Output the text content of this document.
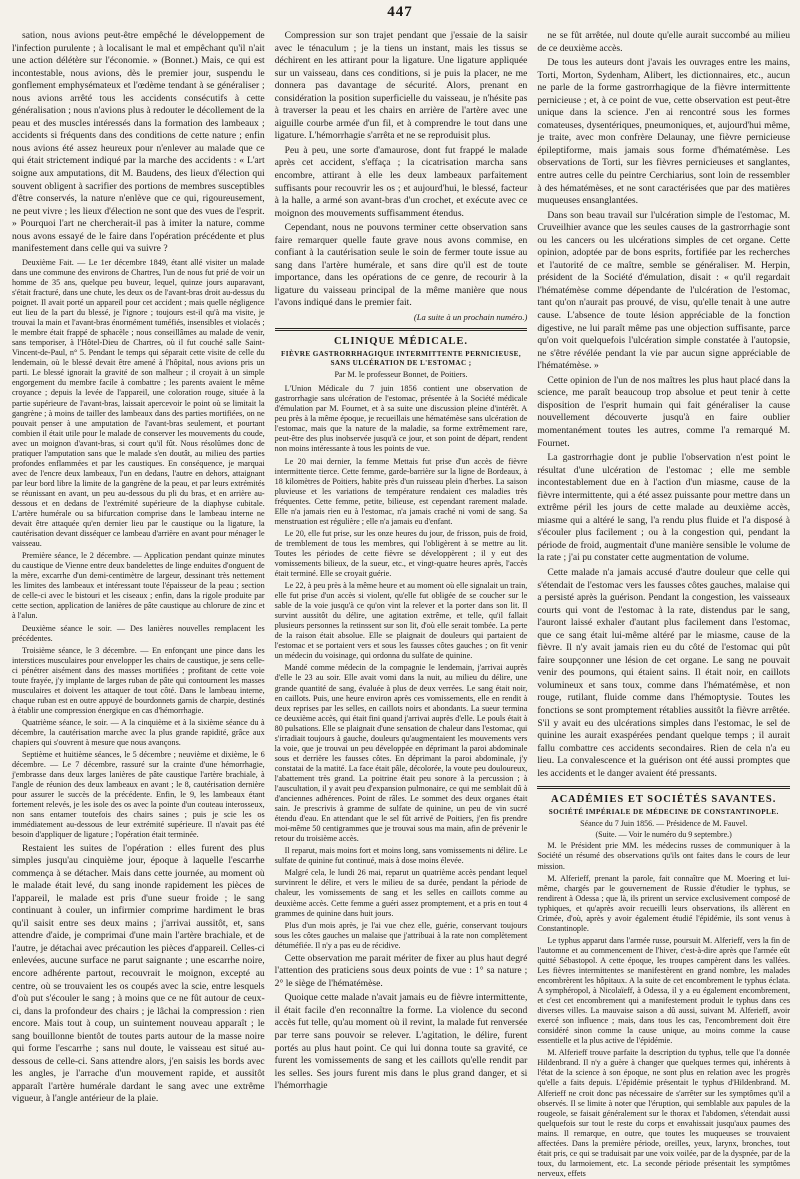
447

sation, nous avions peut-être empêché le développement de l'infection purulente ; à localisant le mal et empêchant qu'il n'ait une action délétère sur l'économie. » (Bonnet.) Mais, ce qui est incontestable, nous avions, dès le premier jour, suspendu le gonflement emphysémateux et l'œdème tendant à se généraliser ; nous avions arrêté tous les accidents consécutifs à cette généralisation ; nous n'avions plus à redouter le décollement de la peau et des muscles intéressés dans la formation des lambeaux ; accidents si fréquents dans des conditions de cette nature ; enfin nous avions été assez heureux pour n'enlever au malade que ce qui était strictement indiqué par la marche des accidents : « L'art soigne aux amputations, dit M. Baudens, des lieux d'élection qui souvent obligent à sacrifier des portions de membres susceptibles d'être conservés, la nature n'enlève que ce qui, rigoureusement, ne peut vivre ; les lieux d'élection ne sont que des vues de l'esprit. » Pourquoi l'art ne chercherait-il pas à imiter la nature, comme nous avons essayé de le faire dans l'opération précédente et plus manifestement dans celle qui va suivre ?

Deuxième Fait. — Le 1er décembre 1849, étant allé visiter un malade dans une commune des environs de Chartres, l'un de nous fut prié de voir un homme de 35 ans, quelque peu buveur, lequel, quinze jours auparavant, s'était fracturé, dans une chute, les deux os de l'avant-bras droit au-dessus du poignet. Il avait porté un appareil pour cet accident ; mais quelle négligence eut lieu de la part du blessé, je l'ignore ; toujours est-il qu'à ma visite, je trouvai la main et l'avant-bras énormément tuméfiés, insensibles et violacés ; le membre était frappé de sphacèle ; nous conseillâmes au malade de venir, sans temporiser, à l'Hôtel-Dieu de Chartres, où il fut couché salle Saint-Vincent-de-Paul, n° 5. Pendant le temps qui séparait cette visite de celle du lendemain, où le blessé devait être amené à l'hôpital, nous avions pris un parti. Le blessé ignorait la gravité de son malheur ; il croyait à un simple engorgement du membre facile à combattre ; les parents avaient le même croyance ; depuis la levée de l'appareil, une coloration rouge, située à la partie supérieure de l'avant-bras, laissait apercevoir le point où se limitait la gangrène ; à moins de tailler des lambeaux dans des parties mortifiées, on ne pouvait penser à une amputation de l'avant-bras seulement, et pourtant combien il était utile pour le malade de conserver les mouvements du coude, avec un moignon d'avant-bras, si court qu'il fût. Nous résolûmes donc de pratiquer l'amputation sans que le malade s'en doutât, au milieu des parties profondes enflammées et par les caustiques. En conséquence, je marquai avec de l'encre deux lambeaux, l'un en dedans, l'autre en dehors, attaignant par leur bord libre la limite de la gangrène de la peau, et par leurs extrémités se réunissant en avant, un peu au-dessous du pli du bras, et en arrière au-dessous et en dedans de l'extrémité supérieure de la diaphyse cubitale. L'artère humérale ou sa bifurcation comprise dans le lambeau interne ne devait être attaquée qu'en dernier lieu par le caustique ou la ligature, la cautérisation devant disséquer ce lambeau d'arrière en avant pour ménager le vaisseau.

Première séance, le 2 décembre. — Application pendant quinze minutes du caustique de Vienne entre deux bandelettes de linge enduites d'onguent de la mère, excarrhe d'un demi-centimètre de largeur, dessinant très nettement les limites des lambeaux et intéressant toute l'épaisseur de la peau ; section de celle-ci avec le bistouri et les ciseaux ; enfin, dans la rigole produite par cette section, application de lanières de pâte caustique au chlorure de zinc et à l'alun.

Deuxième séance le soir. — Des lanières nouvelles remplacent les précédentes.

Troisième séance, le 3 décembre. — En enfonçant une pince dans les interstices musculaires pour envelopper les chairs de caustique, je sens celle-ci pénétrer aisément dans des masses mortifiées ; profitant de cette voie toute frayée, j'y implante de larges ruban de pâte qui contournent les masses musculaires et doivent les attaquer de tout côté. Dans le lambeau interne, chaque ruban est en outre appuyé de bourdonnets garnis de charpie, destinés à établir une compression énergique en cas d'hémorrhagie.

Quatrième séance, le soir. — A la cinquième et à la sixième séance du à décembre, la cautérisation marche avec la plus grande rapidité, grâce aux chapiers qui s'ouvrent à mesure que nous avançons.

Septième et huitième séances, le 5 décembre ; neuvième et dixième, le 6 décembre. — Le 7 décembre, rassuré sur la crainte d'une hémorrhagie, j'embrasse dans deux larges lanières de pâte caustique l'artère brachiale, à l'angle de réunion des deux lambeaux en avant ; le 8, cautérisation dernière pour assurer le succès de la précédente. Enfin, le 9, les lambeaux étant fortement relevés, je les isole des os avec la pointe d'un couteau interosseux, non sans entamer toutefois des chairs saines ; puis je scie les os immédiatement au-dessous de leur extrémité supérieure. Il n'avait pas été besoin d'appliquer de ligature ; l'opération était terminée.

Restaient les suites de l'opération : elles furent des plus simples jusqu'au cinquième jour, époque à laquelle l'escarrhe commença à se détacher. Mais dans cette journée, au moment où le malade était levé, du sang inonde rapidement les pièces de l'appareil, le malade est pris d'une sueur froide ; le sang continuant à couler, un infirmier comprime hardiment le bras qu'il saisit entre ses deux mains ; j'arrivai aussitôt, et, sans attendre d'aide, je comprimai d'une main l'artère brachiale, et de l'autre, je détachai avec précaution les pièces d'appareil. Celles-ci enlevées, aucune surface ne parut saignante ; une escarrhe noire, encore adhérente partout, recouvrait le moignon, excepté au centre, où se trouvaient les os coupés avec la scie, entre lesquels d'où put s'écouler le sang ; à moins que ce ne fût autour de ceux-ci, dans la profondeur des chairs ; je lâchai la compression : rien encore. Mais tout à coup, un suintement nouveau apparaît ; le sang bouillonne bientôt de toutes parts autour de la masse noire qui forme l'escarrhe ; sans nul doute, le vaisseau est situé au-dessous de celle-ci. Sans attendre alors, j'en saisis les bords avec les angles, je l'arrache d'un mouvement rapide, et aussitôt apparaît l'artère humérale dardant le sang avec une extrême vigueur, à l'angle antérieur de la plaie.

Compression sur son trajet pendant que j'essaie de la saisir avec le ténaculum ; je la tiens un instant, mais les tissus se déchirent en les attirant pour la ligature. Une ligature appliquée sur un vaisseau, dans ces conditions, si je puis la placer, ne me donnera pas davantage de sécurité. Alors, prenant en considération la position superficielle du vaisseau, je n'hésite pas à traverser la peau et les chairs en arrière de l'artère avec une aiguille courbe armée d'un fil, et à comprendre le tout dans une ligature. L'hémorrhagie s'arrêta et ne se reproduisit plus.

Peu à peu, une sorte d'amaurose, dont fut frappé le malade après cet accident, s'effaça ; la cicatrisation marcha sans encombre, attirant à elle les deux lambeaux parfaitement suffisants pour recouvrir les os ; et aujourd'hui, le blessé, facteur à la halle, a armé son avant-bras d'un crochet, et exécute avec ce moignon des mouvements suffisamment étendus.

Cependant, nous ne pouvons terminer cette observation sans faire remarquer quelle faute grave nous avons commise, en confiant à la cautérisation seule le soin de fermer toute issue au sang dans l'artère humérale, et sans dire qu'il est de toute importance, dans les opérations de ce genre, de recourir à la ligature du vaisseau principal de la même manière que nous l'avons indiqué dans le premier fait.

(La suite à un prochain numéro.)
CLINIQUE MÉDICALE.
FIÈVRE GASTRORRHAGIQUE INTERMITTENTE PERNICIEUSE, SANS ULCÉRATION DE L'ESTOMAC ;
Par M. le professeur Bonnet, de Poitiers.

L'Union Médicale du 7 juin 1856 contient une observation de gastrorrhagie sans ulcération de l'estomac, présentée à la Société médicale d'émulation par M. Fournet, et à sa suite une discussion pleine d'intérêt. A peu près à la même époque, je recueillais une hématémèse sans ulcération de l'estomac, mais que la nature de la maladie, sa forme extrêmement rare, peut-être des plus inobservée jusqu'à ce jour, et son point de départ, rendent non moins intéressante à tous les points de vue.

Le 20 mai dernier, la femme Mettais fut prise d'un accès de fièvre intermittente tierce. Cette femme, garde-barrière sur la ligne de Bordeaux, à 18 kilomètres de Poitiers, habite près d'un ruisseau plein d'herbes. La saison pluvieuse et les variations de température rendaient ces maladies très fréquentes. Cette femme, petite, bilieuse, est cependant rarement malade. Elle n'a jamais rien eu à l'estomac, n'a jamais craché ni vomi de sang. Sa menstruation est régulière ; elle n'a jamais eu d'enfant.

Le 20, elle fut prise, sur les onze heures du jour, de frisson, puis de froid, de tremblement de tous les membres, qui l'obligèrent à se mettre au lit. Toutes les périodes de cette fièvre se développèrent ; il y eut des vomissements bilieux, de la sueur, etc., et vingt-quatre heures après, l'accès était terminé. Elle se croyait guérie.

Le 22, à peu près à la même heure et au moment où elle signalait un train, elle fut prise d'un accès si violent, qu'elle fut obligée de se coucher sur le sable de la voie jusqu'à ce qu'on vint la relever et la porter dans son lit. Il survint aussitôt du délire, une agitation extrême, et telle, qu'il fallait plusieurs personnes la retinssent sur son lit, d'où elle serait tombée. La perte de la raison était absolue. Elle se plaignait de douleurs qui partaient de l'estomac et se portaient vers et sous les fausses côtes gauches ; on fit venir un médecin du voisinage, qui ordonna du sulfate de quinine.

Mandé comme médecin de la compagnie le lendemain, j'arrivai auprès d'elle le 23 au soir. Elle avait vomi dans la nuit, au milieu du délire, une grande quantité de sang, évaluée à plus de deux verrées. Le sang était noir, en caillots. Puis, une heure environ après ces vomissements, elle en rendit à deux reprises par les selles, en caillots noirs et abondants. La sueur termina ce deuxième accès, qui était fini quand j'arrivai auprès d'elle. Le pouls était à 80 pulsations. Elle se plaignait d'une sensation de chaleur dans l'estomac, qui s'irradiait toujours à gauche, douleurs qu'augmentaient les mouvements vers la voie, que je trouvai un peu développée en déprimant la paroi abdominale sous et derrière les fausses côtes. En déprimant la paroi abdominale, j'y constatai de la matité. La face était pâle, décolorée, la voute peu douloureux, l'abattement très grand. La poitrine était peu sonore à la percussion ; à l'auscultation, il y avait peu d'expansion pulmonaire, ce qui me semblait dû à d'anciennes adhérences. Point de râles. Le sommet des deux organes était sain. Je prescrivis à gramme de sulfate de quinine, un peu de vin sucré étendu d'eau. En attendant que le sel fût arrivé de Poitiers, j'en fis prendre moi-même 50 centigrammes que je trouvai sous ma main, afin de prévenir le retour du troisième accès.

Il reparut, mais moins fort et moins long, sans vomissements ni délire. Le sulfate de quinine fut continué, mais à dose moins élevée.

Malgré cela, le lundi 26 mai, reparut un quatrième accès pendant lequel survinrent le délire, et vers le milieu de sa durée, pendant la période de chaleur, les vomissements de sang et les selles en caillots comme au deuxième accès. Cette femme a guéri assez promptement, et a pris en tout 4 grammes de quinine dans huit jours.

Plus d'un mois après, je l'ai vue chez elle, guérie, conservant toujours sous les côtes gauches un malaise que j'attribuai à la rate non complètement détuméfiée. Il n'y a pas eu de récidive.

Cette observation me parait mériter de fixer au plus haut degré l'attention des praticiens sous deux points de vue : 1° sa nature ; 2° le siège de l'hématémèse.

Quoique cette malade n'avait jamais eu de fièvre intermittente, il était facile d'en reconnaître la forme. La violence du second accès fut telle, qu'au moment où il revint, la malade fut renversée par terre sans pouvoir se relever. L'agitation, le délire, furent portés au plus haut point. Ce qui lui donna toute sa gravité, ce furent les vomissements de sang et les caillots qu'elle rendit par les selles. Ses jours furent mis dans le plus grand danger, et si l'hémorrhagie

ne se fût arrêtée, nul doute qu'elle aurait succombé au milieu de ce deuxième accès.

De tous les auteurs dont j'avais les ouvrages entre les mains, Torti, Morton, Sydenham, Alibert, les dictionnaires, etc., aucun ne parle de la forme gastrorrhagique de la fièvre intermittente pernicieuse ; et, à ce point de vue, cette observation est peut-être unique dans la science. J'en ai rencontré sous les formes comateuses, dysentériques, pneumoniques, et, aujourd'hui même, je traite, avec mon confrère Delaunay, une fièvre pernicieuse épileptiforme, mais jamais sous forme d'hématémèse. Les observations de Torti, sur les fièvres pernicieuses et sanglantes, entre autres celle du peintre Cerchiarius, sont loin de ressembler à des hématémèses, et ne sont caractérisées que par des matières muqueuses ensanglantées.

Dans son beau travail sur l'ulcération simple de l'estomac, M. Cruveilhier avance que les seules causes de la gastrorrhagie sont ou les cancers ou les ulcérations simples de cet organe. Cette opinion, adoptée par de bons esprits, fortifiée par les recherches et l'autorité de ce maître, semble se généraliser. M. Herpin, président de la Société d'émulation, disait : « qu'il regardait l'hématémèse comme dépendante de l'ulcération de l'estomac, tant qu'on n'aurait pas prouvé, de visu, qu'elle tenait à une autre cause. L'absence de toute lésion appréciable de la fonction digestive, ne lui paraît même pas une objection suffisante, parce qu'on voit quelquefois l'ulcération simple constatée à l'autopsie, ne s'être révélée pendant la vie par aucun signe appréciable de l'hématémèse. »

Cette opinion de l'un de nos maîtres les plus haut placé dans la science, me paraît beaucoup trop absolue et peut tenir à cette disposition de l'esprit humain qui fait généraliser la cause nouvellement découverte jusqu'à en faire oublier momentanément toutes les autres, comme l'a remarqué M. Fournet.

La gastrorrhagie dont je publie l'observation n'est point le résultat d'une ulcération de l'estomac ; elle me semble incontestablement due en à l'action d'un miasme, cause de la fièvre intermittente, qui a été assez puissante pour mettre dans un extrême péril les jours de cette malade au deuxième accès, miasme qui a altéré le sang, l'a rendu plus fluide et l'a disposé à s'écouler plus facilement ; ou à la congestion qui, pendant la période de froid, augmentait d'une manière sensible le volume de la rate ; j'ai pu constater cette augmentation de volume.

Cette malade n'a jamais accusé d'autre douleur que celle qui s'étendait de l'estomac vers les fausses côtes gauches, malaise qui a persisté après la guérison. Pendant la congestion, les vaisseaux courts qui vont de l'estomac à la rate, distendus par le sang, l'auront laissé exhaler d'autant plus facilement dans l'estomac, que ce sang était lui-même altéré par le miasme, cause de la fièvre. Il n'y avait jamais rien eu du côté de l'estomac qui pût faire soupçonner une lésion de cet organe. Le sang ne pouvait venir des poumons, qui étaient sains. Il était noir, en caillots volumineux et sans toux, comme dans l'hématémèse, et non rouge, rutilant, fluide comme dans l'hémoptysie. Toutes les fonctions se sont promptement rétablies aussitôt la fièvre arrêtée. S'il y avait eu des ulcérations simples dans l'estomac, le sel de quinine les aurait exaspérées pendant quelque temps ; il aurait fallu combattre ces accidents secondaires. Rien de cela n'a eu lieu. La convalescence et la guérison ont été aussi promptes que les accidents et le danger avaient été pressants.

ACADÉMIES ET SOCIÉTÉS SAVANTES.
SOCIÉTÉ IMPÉRIALE DE MÉDECINE DE CONSTANTINOPLE.
Séance du 7 Juin 1856. — Présidence de M. Fauvel.
(Suite. — Voir le numéro du 9 septembre.)

M. le Président prie MM. les médecins russes de communiquer à la Société un résumé des observations qu'ils ont faites dans le cours de leur mission.

M. Alferieff, prenant la parole, fait connaître que M. Moering et lui-même, chargés par le gouvernement de Russie d'étudier le typhus, se rendirent à Odessa ; que là, ils prirent un service exclusivement composé de typhiques, et qu'après avoir recueilli leurs observations, ils allèrent en Crimée, d'où, après y avoir également étudié l'épidémie, ils sont venus à Constantinople.

Le typhus apparut dans l'armée russe, poursuit M. Alferieff, vers la fin de l'automne et au commencement de l'hiver, c'est-à-dire après que l'armée eût quitté Sébastopol. A cette époque, les troupes campèrent dans les vallées. Les fièvres intermittentes se manifestèrent en grand nombre, les malades encombrèrent les hôpitaux. A la suite de cet encombrement le typhus éclata. A symphéropol, à Nicolaïeff, à Odessa, il y a eu également encombrement, et c'est cet encombrement qui a manifestement produit le typhus dans ces diverses villes. La mauvaise saison a dû aussi, suivant M. Alferieff, avoir exercé son influence ; mais, dans tous les cas, l'encombrement doit être considéré sinon comme la cause unique, au moins comme la cause essentielle et la plus active de l'épidémie.

M. Alferieff trouve parfaite la description du typhus, telle que l'a donnée Hildenbrand. Il n'y a guère à changer que quelques termes qui, inhérents à l'état de la science à son époque, ne sont plus en relation avec les progrès qu'elle a faits depuis. L'épidémie présentait le typhus d'Hildenbrand. M. Alferieff ne croit donc pas nécessaire de s'arrêter sur les symptômes qu'il a observés. Il se limite à noter que l'éruption, qui semblable aux papules de la rougeole, se faisait généralement sur le thorax et l'abdomen, s'étendait aussi quelquefois sur tout le reste du corps et envahissait jusqu'aux paumes des mains. Il remarque, en outre, que toutes les muqueuses se trouvaient affectées. Dans la première période, oreilles, yeux, larynx, bronches, tout était pris, ce qui se traduisait par une voix voilée, par de la dyspnée, par de la toux, du larmoiement, etc. La seconde période présentait les symptômes nerveux, effets
